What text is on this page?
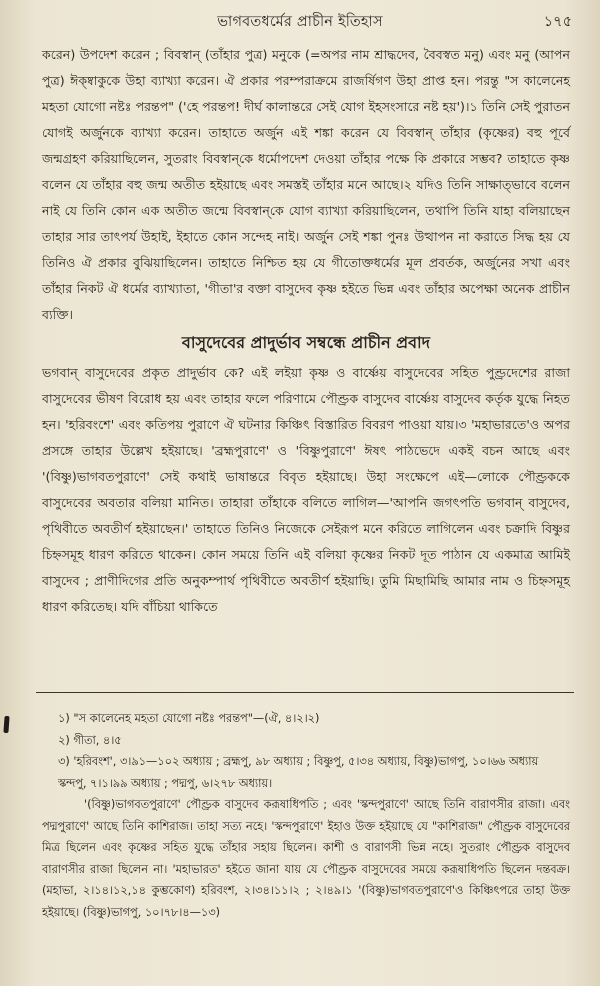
ভাগবতধর্মের প্রাচীন ইতিহাস	১৭৫

করেন) উপদেশ করেন ; বিবস্বান্ (তাঁহার পুত্র) মনুকে (=অপর নাম শ্রাদ্ধদেব, বৈবস্বত মনু) এবং মনু (আপন পুত্র) ঈক্ষ্বাকুকে উহা ব্যাখ্যা করেন। ঐ প্রকার পরম্পরাক্রমে রাজর্ষিগণ উহা প্রাপ্ত হন। পরন্তু "স কালেনেহ মহতা যোগো নষ্টঃ পরন্তপ" ('হে পরন্তপ! দীর্ঘ কালান্তরে সেই যোগ ইহসংসারে নষ্ট হয়')।১ তিনি সেই পুরাতন যোগই অর্জুনকে ব্যাখ্যা করেন। তাহাতে অর্জুন এই শঙ্কা করেন যে বিবস্বান্ তাঁহার (কৃষ্ণের) বহু পূর্বে জন্মগ্রহণ করিয়াছিলেন, সুতরাং বিবস্বান্‌কে ধর্মোপদেশ দেওয়া তাঁহার পক্ষে কি প্রকারে সম্ভব? তাহাতে কৃষ্ণ বলেন যে তাঁহার বহু জন্ম অতীত হইয়াছে এবং সমস্তই তাঁহার মনে আছে।২ যদিও তিনি সাক্ষাত্ভাবে বলেন নাই যে তিনি কোন এক অতীত জন্মে বিবস্বান্‌কে যোগ ব্যাখ্যা করিয়াছিলেন, তথাপি তিনি যাহা বলিয়াছেন তাহার সার তাৎপর্য উহাই, ইহাতে কোন সন্দেহ নাই। অর্জুন সেই শঙ্কা পুনঃ উত্থাপন না করাতে সিদ্ধ হয় যে তিনিও ঐ প্রকার বুঝিয়াছিলেন। তাহাতে নিশ্চিত হয় যে গীতোক্তধর্মের মূল প্রবর্তক, অর্জুনের সখা এবং তাঁহার নিকট ঐ ধর্মের ব্যাখ্যাতা, 'গীতা'র বক্তা বাসুদেব কৃষ্ণ হইতে ভিন্ন এবং তাঁহার অপেক্ষা অনেক প্রাচীন ব্যক্তি।

বাসুদেবের প্রাদুর্ভাব সম্বন্ধে প্রাচীন প্রবাদ

ভগবান্ বাসুদেবের প্রকৃত প্রাদুর্ভাব কে? এই লইয়া কৃষ্ণ ও বার্ষ্ণেয় বাসুদেবের সহিত পুণ্ড্রদেশের রাজা বাসুদেবের ভীষণ বিরোধ হয় এবং তাহার ফলে পরিণামে পৌণ্ড্রক বাসুদেব বার্ষ্ণেয় বাসুদেব কর্তৃক যুদ্ধে নিহত হন। 'হরিবংশে' এবং কতিপয় পুরাণে ঐ ঘটনার কিঞ্চিৎ বিস্তারিত বিবরণ পাওয়া যায়।৩ 'মহাভারতে'ও অপর প্রসঙ্গে তাহার উল্লেখ হইয়াছে। 'ব্রহ্মপুরাণে' ও 'বিষ্ণুপুরাণে' ঈষৎ পাঠভেদে একই বচন আছে এবং '(বিষ্ণু)ভাগবতপুরাণে' সেই কথাই ভাষান্তরে বিবৃত হইয়াছে। উহা সংক্ষেপে এই—লোকে পৌণ্ড্রককে বাসুদেবের অবতার বলিয়া মানিত। তাহারা তাঁহাকে বলিতে লাগিল—'আপনি জগৎপতি ভগবান্ বাসুদেব, পৃথিবীতে অবতীর্ণ হইয়াছেন।' তাহাতে তিনিও নিজেকে সেইরূপ মনে করিতে লাগিলেন এবং চক্রাদি বিষ্ণুর চিহ্নসমূহ ধারণ করিতে থাকেন। কোন সময়ে তিনি এই বলিয়া কৃষ্ণের নিকট দূত পাঠান যে একমাত্র আমিই বাসুদেব ; প্রাণীদিগের প্রতি অনুকম্পার্থ পৃথিবীতে অবতীর্ণ হইয়াছি। তুমি মিছামিছি আমার নাম ও চিহ্নসমূহ ধারণ করিতেছ। যদি বাঁচিয়া থাকিতে

১) "স কালেনেহ মহতা যোগো নষ্টঃ পরন্তপ"—(ঐ, ৪।২।২)

২) গীতা, ৪।৫

৩) 'হরিবংশ', ৩।৯১—১০২ অধ্যায় ; ব্রহ্মপু, ৯৮ অধ্যায় ; বিষ্ণুপু, ৫।৩৪ অধ্যায়, বিষ্ণু)ভাগপু, ১০।৬৬ অধ্যায় স্কন্দপু, ৭।১।৯৯ অধ্যায় ; পদ্মপু, ৬।২৭৮ অধ্যায়।

'(বিষ্ণু)ভাগবতপুরাণে' পৌণ্ড্রক বাসুদেব করূষাধিপতি ; এবং 'স্কন্দপুরাণে' আছে তিনি বারাণসীর রাজা। এবং পদ্মপুরাণে' আছে তিনি কাশিরাজ। তাহা সত্য নহে। 'স্কন্দপুরাণে' ইহাও উক্ত হইয়াছে যে "কাশিরাজ" পৌণ্ড্রক বাসুদেবের মিত্র ছিলেন এবং কৃষ্ণের সহিত যুদ্ধে তাঁহার সহায় ছিলেন। কাশী ও বারাণসী ভিন্ন নহে। সুতরাং পৌণ্ড্রক বাসুদেব বারাণসীর রাজা ছিলেন না। 'মহাভারত' হইতে জানা যায় যে পৌণ্ড্রক বাসুদেবের সময়ে করূষাধিপতি ছিলেন দন্তবক্র। (মহাভা, ২।১৪।১২,১৪ কুম্ভকোণ) হরিবংশ, ২।৩৪।১১।২ ; ২।৪৯।১ '(বিষ্ণু)ভাগবতপুরাণে'ও কিঞ্চিৎপরে তাহা উক্ত হইয়াছে। (বিষ্ণু)ভাগপু, ১০।৭৮।৪—১৩)
